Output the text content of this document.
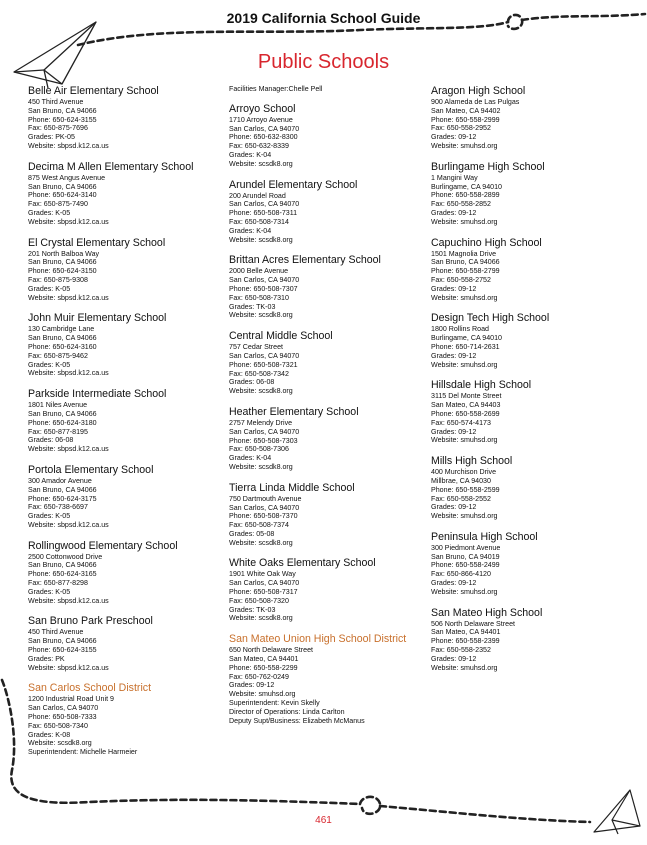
2019 California School Guide
Public Schools
Belle Air Elementary School
450 Third Avenue
San Bruno, CA 94066
Phone: 650-624-3155
Fax: 650-875-7696
Grades: PK-05
Website: sbpsd.k12.ca.us
Decima M Allen Elementary School
875 West Angus Avenue
San Bruno, CA 94066
Phone: 650-624-3140
Fax: 650-875-7490
Grades: K-05
Website: sbpsd.k12.ca.us
El Crystal Elementary School
201 North Balboa Way
San Bruno, CA 94066
Phone: 650-624-3150
Fax: 650-875-9308
Grades: K-05
Website: sbpsd.k12.ca.us
John Muir Elementary School
130 Cambridge Lane
San Bruno, CA 94066
Phone: 650-624-3160
Fax: 650-875-9462
Grades: K-05
Website: sbpsd.k12.ca.us
Parkside Intermediate School
1801 Niles Avenue
San Bruno, CA 94066
Phone: 650-624-3180
Fax: 650-877-8195
Grades: 06-08
Website: sbpsd.k12.ca.us
Portola Elementary School
300 Amador Avenue
San Bruno, CA 94066
Phone: 650-624-3175
Fax: 650-738-6697
Grades: K-05
Website: sbpsd.k12.ca.us
Rollingwood Elementary School
2500 Cottonwood Drive
San Bruno, CA 94066
Phone: 650-624-3165
Fax: 650-877-8298
Grades: K-05
Website: sbpsd.k12.ca.us
San Bruno Park Preschool
450 Third Avenue
San Bruno, CA 94066
Phone: 650-624-3155
Grades: PK
Website: sbpsd.k12.ca.us
San Carlos School District
1200 Industrial Road Unit 9
San Carlos, CA 94070
Phone: 650-508-7333
Fax: 650-508-7340
Grades: K-08
Website: scsdk8.org
Superintendent: Michelle Harmeier
Facilities Manager:Chelle Pell
Arroyo School
1710 Arroyo Avenue
San Carlos, CA 94070
Phone: 650-632-8300
Fax: 650-632-8339
Grades: K-04
Website: scsdk8.org
Arundel Elementary School
200 Arundel Road
San Carlos, CA 94070
Phone: 650-508-7311
Fax: 650-508-7314
Grades: K-04
Website: scsdk8.org
Brittan Acres Elementary School
2000 Belle Avenue
San Carlos, CA 94070
Phone: 650-508-7307
Fax: 650-508-7310
Grades: TK-03
Website: scsdk8.org
Central Middle School
757 Cedar Street
San Carlos, CA 94070
Phone: 650-508-7321
Fax: 650-508-7342
Grades: 06-08
Website: scsdk8.org
Heather Elementary School
2757 Melendy Drive
San Carlos, CA 94070
Phone: 650-508-7303
Fax: 650-508-7306
Grades: K-04
Website: scsdk8.org
Tierra Linda Middle School
750 Dartmouth Avenue
San Carlos, CA 94070
Phone: 650-508-7370
Fax: 650-508-7374
Grades: 05-08
Website: scsdk8.org
White Oaks Elementary School
1901 White Oak Way
San Carlos, CA 94070
Phone: 650-508-7317
Fax: 650-508-7320
Grades: TK-03
Website: scsdk8.org
San Mateo Union High School District
650 North Delaware Street
San Mateo, CA 94401
Phone: 650-558-2299
Fax: 650-762-0249
Grades: 09-12
Website: smuhsd.org
Superintendent: Kevin Skelly
Director of Operations: Linda Carlton
Deputy Supt/Business: Elizabeth McManus
Aragon High School
900 Alameda de Las Pulgas
San Mateo, CA 94402
Phone: 650-558-2999
Fax: 650-558-2952
Grades: 09-12
Website: smuhsd.org
Burlingame High School
1 Mangini Way
Burlingame, CA 94010
Phone: 650-558-2899
Fax: 650-558-2852
Grades: 09-12
Website: smuhsd.org
Capuchino High School
1501 Magnolia Drive
San Bruno, CA 94066
Phone: 650-558-2799
Fax: 650-558-2752
Grades: 09-12
Website: smuhsd.org
Design Tech High School
1800 Rollins Road
Burlingame, CA 94010
Phone: 650-714-2631
Grades: 09-12
Website: smuhsd.org
Hillsdale High School
3115 Del Monte Street
San Mateo, CA 94403
Phone: 650-558-2699
Fax: 650-574-4173
Grades: 09-12
Website: smuhsd.org
Mills High School
400 Murchison Drive
Millbrae, CA 94030
Phone: 650-558-2599
Fax: 650-558-2552
Grades: 09-12
Website: smuhsd.org
Peninsula High School
300 Piedmont Avenue
San Bruno, CA 94019
Phone: 650-558-2499
Fax: 650-866-4120
Grades: 09-12
Website: smuhsd.org
San Mateo High School
506 North Delaware Street
San Mateo, CA 94401
Phone: 650-558-2399
Fax: 650-558-2352
Grades: 09-12
Website: smuhsd.org
461
